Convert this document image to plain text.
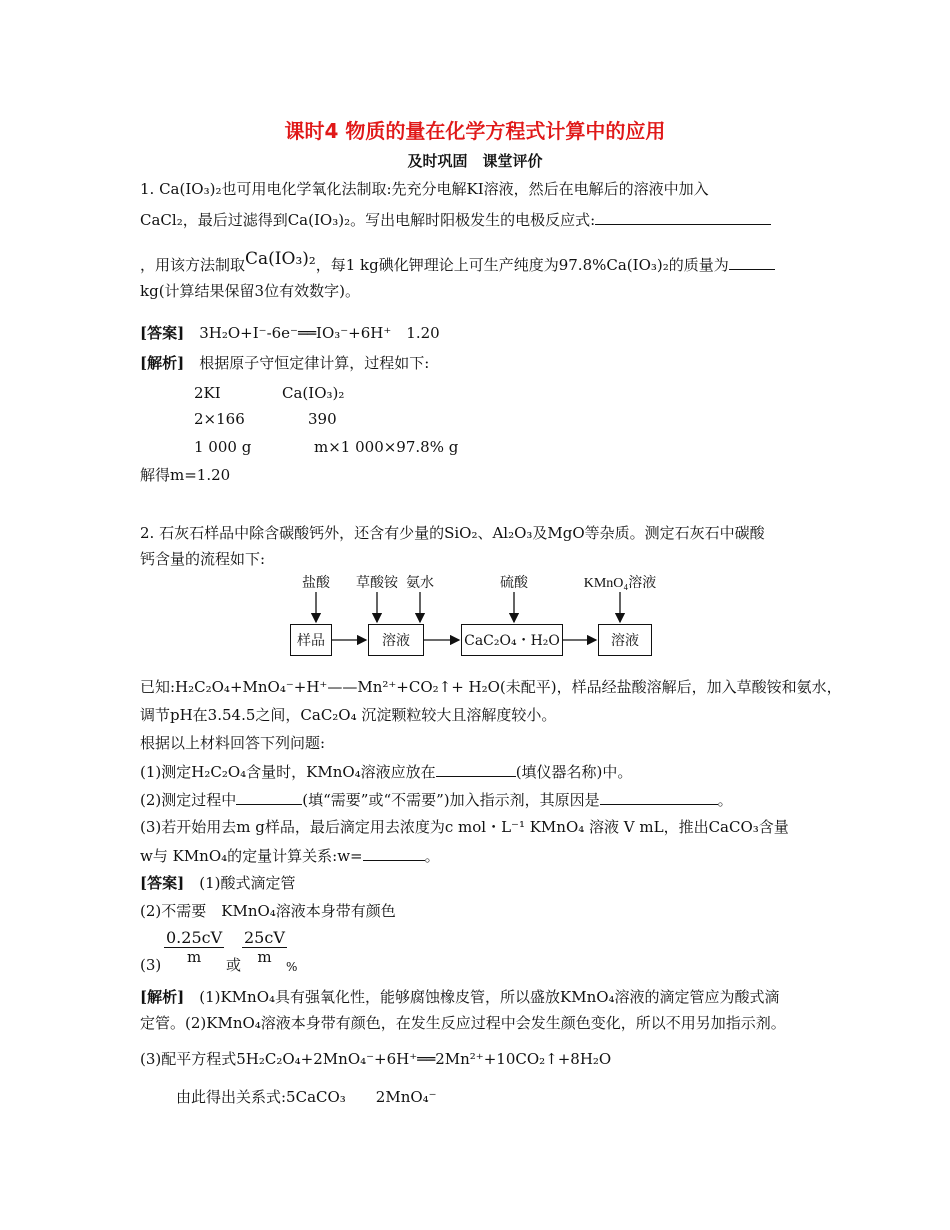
课时4 物质的量在化学方程式计算中的应用
及时巩固　课堂评价
1. Ca(IO₃)₂也可用电化学氧化法制取:先充分电解KI溶液，然后在电解后的溶液中加入
CaCl₂，最后过滤得到Ca(IO₃)₂。写出电解时阳极发生的电极反应式:
，用该方法制取Ca(IO₃)₂，每1 kg碘化钾理论上可生产纯度为97.8%Ca(IO₃)₂的质量为
kg(计算结果保留3位有效数字)。
[答案]　 3H₂O+I⁻-6e⁻══IO₃⁻+6H⁺　1.20
[解析]　 根据原子守恒定律计算，过程如下:
2KI	Ca(IO₃)₂
2×166	390
1 000 g	m×1 000×97.8% g
解得m=1.20
2. 石灰石样品中除含碳酸钙外，还含有少量的SiO₂、Al₂O₃及MgO等杂质。测定石灰石中碳酸
钙含量的流程如下:
盐酸 草酸铵 氨水	硫酸	KMnO₄溶液
样品	溶液	CaC₂O₄・H₂O	溶液
已知:H₂C₂O₄+MnO₄⁻+H⁺——Mn²⁺+CO₂↑+ H₂O(未配平)，样品经盐酸溶解后，加入草酸铵和氨水，
调节pH在3.54.5之间，CaC₂O₄ 沉淀颗粒较大且溶解度较小。
根据以上材料回答下列问题:
(1)测定H₂C₂O₄含量时，KMnO₄溶液应放在	(填仪器名称)中。
(2)测定过程中	(填“需要”或“不需要”)加入指示剂，其原因是	。
(3)若开始用去m g样品，最后滴定用去浓度为c mol・L⁻¹ KMnO₄ 溶液 V mL，推出CaCO₃含量
w与 KMnO₄的定量计算关系:w=	。
[答案]　 (1)酸式滴定管
(2)不需要　KMnO₄溶液本身带有颜色
$(3) \frac{0.25cV}{m}$ 或 $\frac{25cV}{m}$
%
[解析]　 (1)KMnO₄具有强氧化性，能够腐蚀橡皮管，所以盛放KMnO₄溶液的滴定管应为酸式滴
定管。(2)KMnO₄溶液本身带有颜色，在发生反应过程中会发生颜色变化，所以不用另加指示剂。
(3)配平方程式5H₂C₂O₄+2MnO₄⁻+6H⁺══2Mn²⁺+10CO₂↑+8H₂O
由此得出关系式:5CaCO₃　　2MnO₄⁻
